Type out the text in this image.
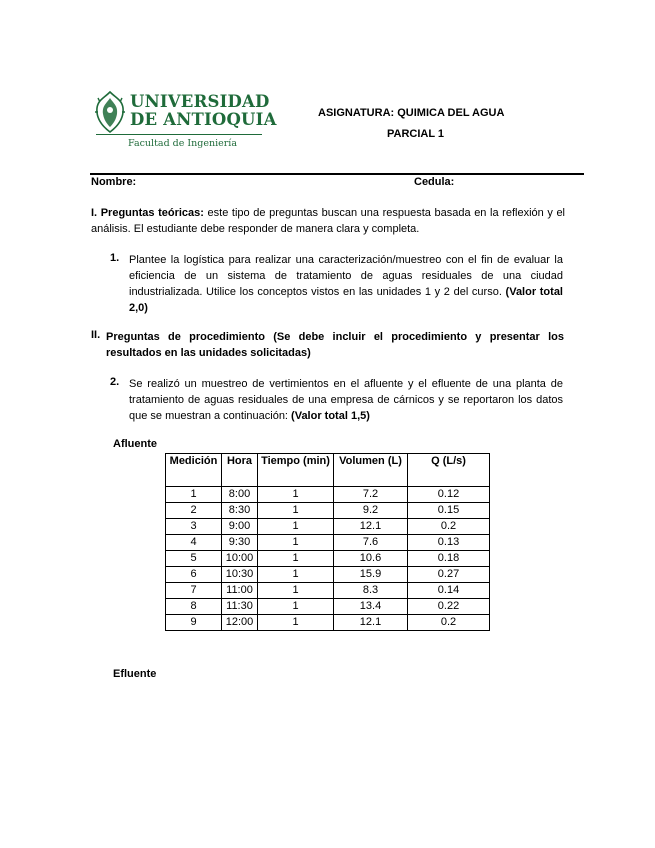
UNIVERSIDAD
DE ANTIOQUIA
Facultad de Ingeniería
ASIGNATURA: QUIMICA DEL AGUA
PARCIAL 1
Nombre:	Cedula:
I. Preguntas teóricas: este tipo de preguntas buscan una respuesta basada en la reflexión y el análisis. El estudiante debe responder de manera clara y completa.
1. Plantee la logística para realizar una caracterización/muestreo con el fin de evaluar la eficiencia de un sistema de tratamiento de aguas residuales de una ciudad industrializada. Utilice los conceptos vistos en las unidades 1 y 2 del curso. (Valor total 2,0)
II. Preguntas de procedimiento (Se debe incluir el procedimiento y presentar los resultados en las unidades solicitadas)
2. Se realizó un muestreo de vertimientos en el afluente y el efluente de una planta de tratamiento de aguas residuales de una empresa de cárnicos y se reportaron los datos que se muestran a continuación: (Valor total 1,5)
Afluente
Medición	Hora	Tiempo (min)	Volumen (L)	Q (L/s)
1	8:00	1	7.2	0.12
2	8:30	1	9.2	0.15
3	9:00	1	12.1	0.2
4	9:30	1	7.6	0.13
5	10:00	1	10.6	0.18
6	10:30	1	15.9	0.27
7	11:00	1	8.3	0.14
8	11:30	1	13.4	0.22
9	12:00	1	12.1	0.2
Efluente
